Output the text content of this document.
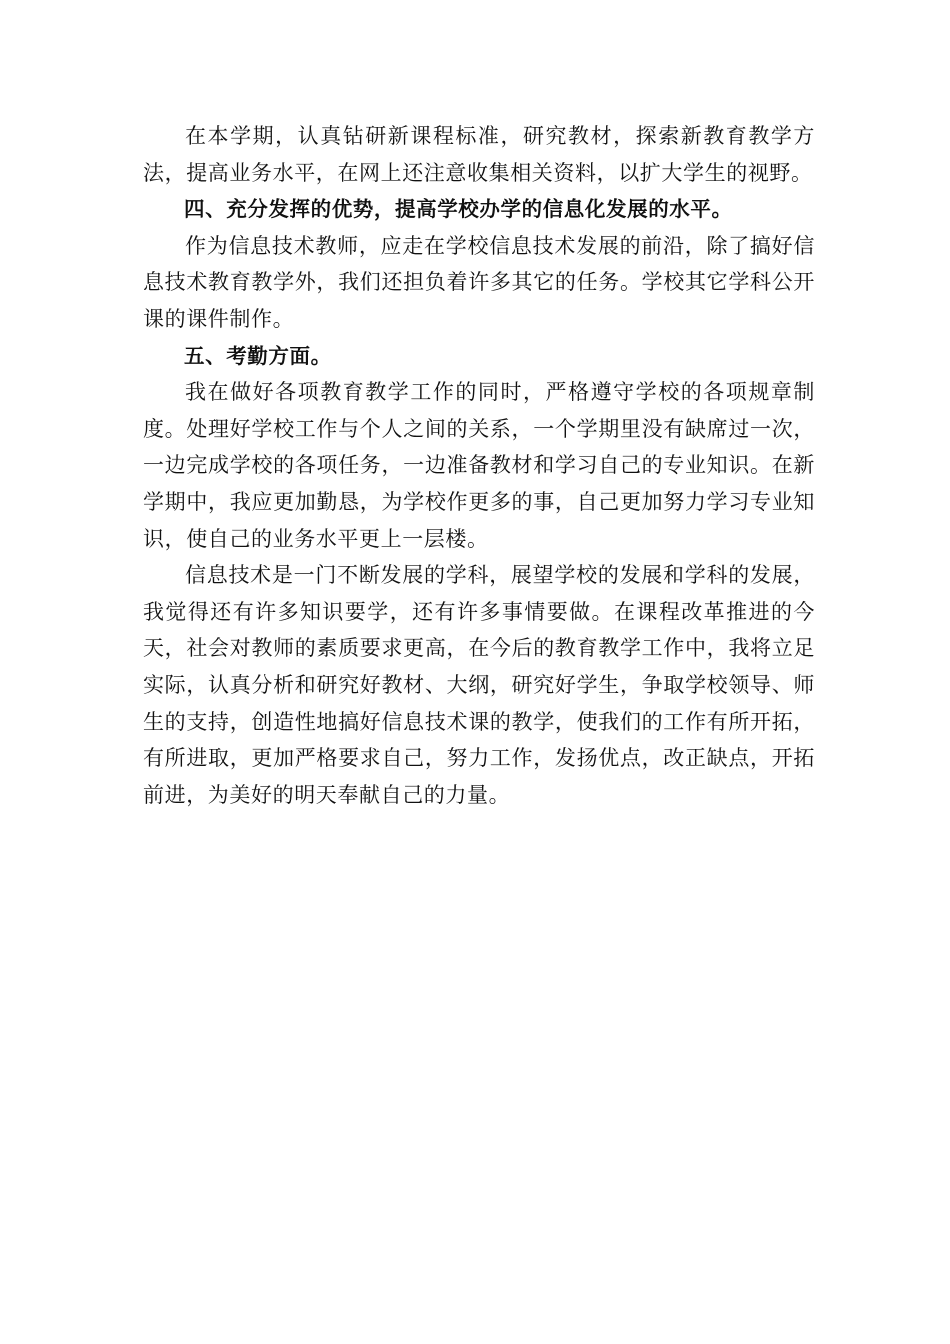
在本学期，认真钻研新课程标准，研究教材，探索新教育教学方法，提高业务水平，在网上还注意收集相关资料，以扩大学生的视野。

四、充分发挥的优势，提高学校办学的信息化发展的水平。

作为信息技术教师，应走在学校信息技术发展的前沿，除了搞好信息技术教育教学外，我们还担负着许多其它的任务。学校其它学科公开课的课件制作。

五、考勤方面。

我在做好各项教育教学工作的同时，严格遵守学校的各项规章制度。处理好学校工作与个人之间的关系，一个学期里没有缺席过一次，一边完成学校的各项任务，一边准备教材和学习自己的专业知识。在新学期中，我应更加勤恳，为学校作更多的事，自己更加努力学习专业知识，使自己的业务水平更上一层楼。

信息技术是一门不断发展的学科，展望学校的发展和学科的发展，我觉得还有许多知识要学，还有许多事情要做。在课程改革推进的今天，社会对教师的素质要求更高，在今后的教育教学工作中，我将立足实际，认真分析和研究好教材、大纲，研究好学生，争取学校领导、师生的支持，创造性地搞好信息技术课的教学，使我们的工作有所开拓，有所进取，更加严格要求自己，努力工作，发扬优点，改正缺点，开拓前进，为美好的明天奉献自己的力量。
